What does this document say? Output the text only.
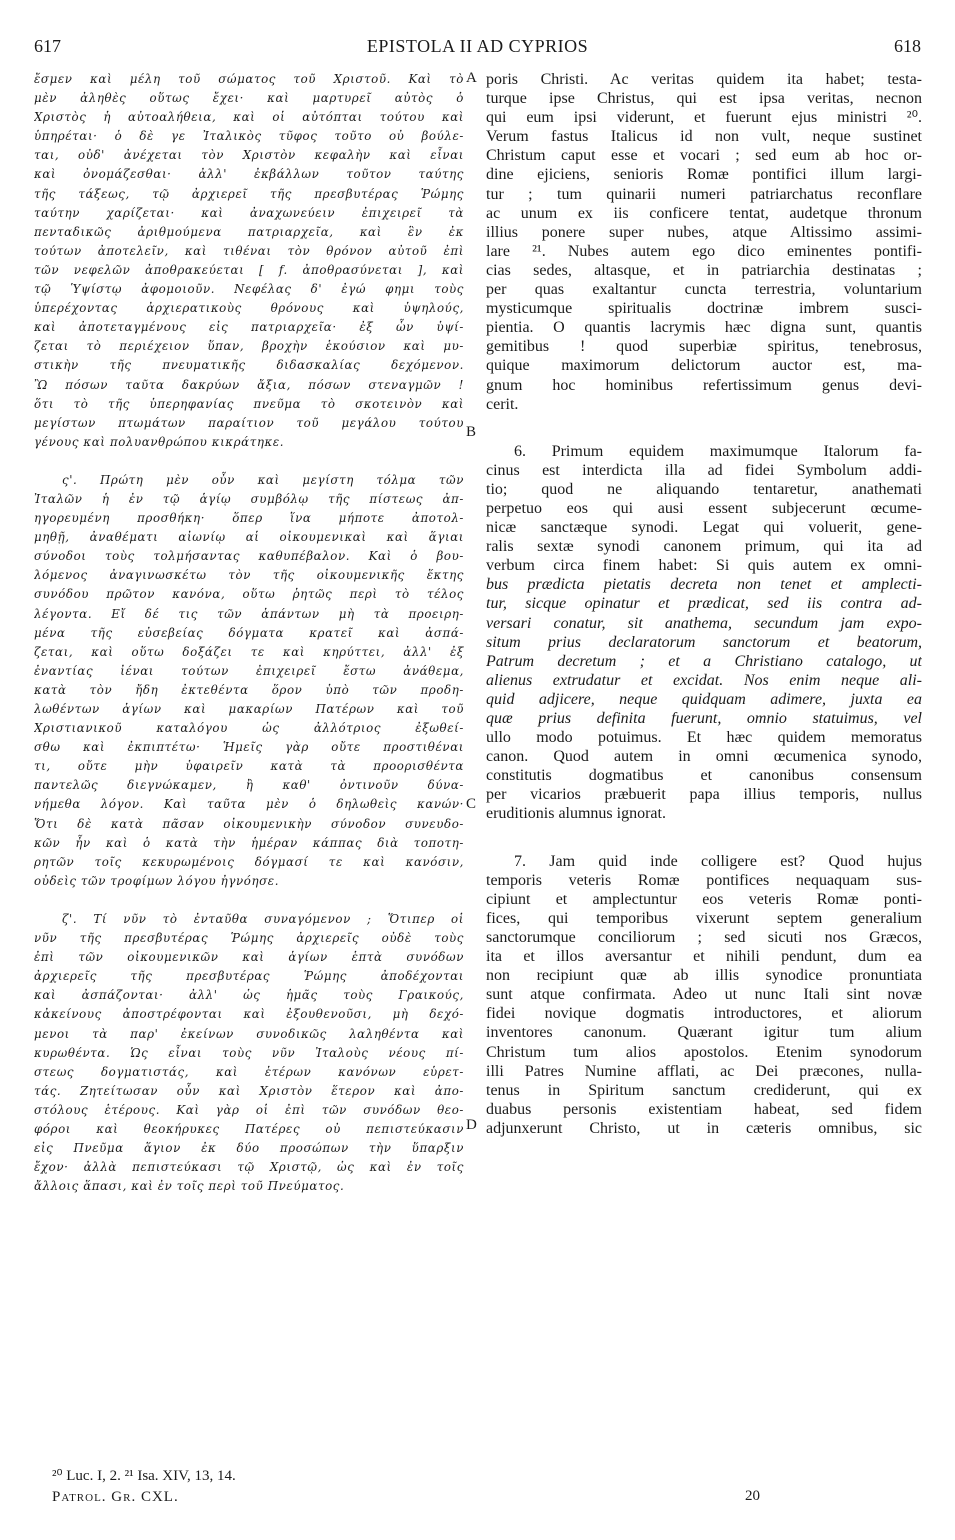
617	EPISTOLA II AD CYPRIOS	618
ἔσμεν καὶ μέλη τοῦ σώματος τοῦ Χριστοῦ. Καὶ τὸ
μὲν ἀληθὲς οὕτως ἔχει· καὶ μαρτυρεῖ αὐτὸς ὁ
Χριστὸς ἡ αὐτοαλήθεια, καὶ οἱ αὐτόπται τούτου καὶ
ὑπηρέται· ὁ δὲ γε Ἰταλικὸς τῦφος τοῦτο οὐ βούλε-
ται, οὐδ' ἀνέχεται τὸν Χριστὸν κεφαλὴν καὶ εἶναι
καὶ ὀνομάζεσθαι· ἀλλ' ἐκβάλλων τοῦτον ταύτης
τῆς τάξεως, τῷ ἀρχιερεῖ τῆς πρεσβυτέρας Ῥώμης
ταύτην χαρίζεται· καὶ ἀναχωνεύειν ἐπιχειρεῖ τὰ
πενταδικῶς ἀριθμούμενα πατριαρχεῖα, καὶ ἓν ἐκ
τούτων ἀποτελεῖν, καὶ τιθέναι τὸν θρόνον αὐτοῦ ἐπὶ
τῶν νεφελῶν ἀποθρακεύεται [ f. ἀποθρασύνεται ], καὶ
τῷ Ὑψίστῳ ἀφομοιοῦν. Νεφέλας δ' ἐγώ φημι τοὺς
ὑπερέχοντας ἀρχιερατικοὺς θρόνους καὶ ὑψηλούς,
καὶ ἀποτεταγμένους εἰς πατριαρχεῖα· ἐξ ὧν ὑψί-
ζεται τὸ περιέχειον ὕπαν, βροχὴν ἑκούσιον καὶ μυ-
στικὴν τῆς πνευματικῆς διδασκαλίας δεχόμενον.
Ὢ πόσων ταῦτα δακρύων ἄξια, πόσων στεναγμῶν !
ὅτι τὸ τῆς ὑπερηφανίας πνεῦμα τὸ σκοτεινὸν καὶ
μεγίστων πτωμάτων παραίτιον τοῦ μεγάλου τούτου
γένους καὶ πολυανθρώπου κικράτηκε.
ς'. Πρώτη μὲν οὖν καὶ μεγίστη τόλμα τῶν
Ἰταλῶν ἡ ἐν τῷ ἁγίῳ συμβόλῳ τῆς πίστεως ἀπ-
ηγορευμένη προσθήκη· ὅπερ ἵνα μήποτε ἀποτολ-
μηθῇ, ἀναθέματι αἰωνίῳ αἱ οἰκουμενικαὶ καὶ ἅγιαι
σύνοδοι τοὺς τολμήσαντας καθυπέβαλον. Καὶ ὁ βου-
λόμενος ἀναγινωσκέτω τὸν τῆς οἰκουμενικῆς ἕκτης
συνόδου πρῶτον κανόνα, οὕτω ῥητῶς περὶ τὸ τέλος
λέγοντα. Εἴ δέ τις τῶν ἁπάντων μὴ τὰ προειρη-
μένα τῆς εὐσεβείας δόγματα κρατεῖ καὶ ἀσπά-
ζεται, καὶ οὕτω δοξάζει τε καὶ κηρύττει, ἀλλ' ἐξ
ἐναντίας ἰέναι τούτων ἐπιχειρεῖ ἔστω ἀνάθεμα,
κατὰ τὸν ἤδη ἐκτεθέντα ὅρον ὑπὸ τῶν προδη-
λωθέντων ἁγίων καὶ μακαρίων Πατέρων καὶ τοῦ
Χριστιανικοῦ καταλόγου ὡς ἀλλότριος ἐξωθεί-
σθω καὶ ἐκπιπτέτω· Ἡμεῖς γὰρ οὔτε προστιθέναι
τι, οὔτε μὴν ὑφαιρεῖν κατὰ τὰ προορισθέντα
παντελῶς διεγνώκαμεν, ἢ καθ' ὀντινοῦν δύνα-
νήμεθα λόγον. Καὶ ταῦτα μὲν ὁ δηλωθεὶς κανών·
Ὅτι δὲ κατὰ πᾶσαν οἰκουμενικὴν σύνοδον συνευδο-
κῶν ἦν καὶ ὁ κατὰ τὴν ἡμέραν κάππας διὰ τοποτη-
ρητῶν τοῖς κεκυρωμένοις δόγμασί τε καὶ κανόσιν,
οὐδεὶς τῶν τροφίμων λόγου ἠγνόησε.
ζ'. Τί νῦν τὸ ἐνταῦθα συναγόμενον ; Ὅτιπερ οἱ
νῦν τῆς πρεσβυτέρας Ῥώμης ἀρχιερεῖς οὐδὲ τοὺς
ἐπὶ τῶν οἰκουμενικῶν καὶ ἁγίων ἑπτὰ συνόδων
ἀρχιερεῖς τῆς πρεσβυτέρας Ῥώμης ἀποδέχονται
καὶ ἀσπάζονται· ἀλλ' ὡς ἡμᾶς τοὺς Γραικούς,
κἀκείνους ἀποστρέφονται καὶ ἐξουθενοῦσι, μὴ δεχό-
μενοι τὰ παρ' ἐκείνων συνοδικῶς λαληθέντα καὶ
κυρωθέντα. Ὡς εἶναι τοὺς νῦν Ἰταλοὺς νέους πί-
στεως δογματιστάς, καὶ ἑτέρων κανόνων εὑρετ-
τάς. Ζητείτωσαν οὖν καὶ Χριστὸν ἕτερον καὶ ἀπο-
στόλους ἑτέρους. Καὶ γὰρ οἱ ἐπὶ τῶν συνόδων θεο-
φόροι καὶ θεοκήρυκες Πατέρες οὐ πεπιστεύκασιν
εἰς Πνεῦμα ἅγιον ἐκ δύο προσώπων τὴν ὕπαρξιν
ἔχον· ἀλλὰ πεπιστεύκασι τῷ Χριστῷ, ὡς καὶ ἐν τοῖς
ἄλλοις ἅπασι, καὶ ἐν τοῖς περὶ τοῦ Πνεύματος.
poris Christi. Ac veritas quidem ita habet; testa-
turque ipse Christus, qui est ipsa veritas, necnon
qui eum ipsi viderunt, et fuerunt ejus ministri ²⁰.
Verum fastus Italicus id non vult, neque sustinet
Christum caput esse et vocari ; sed eum ab hoc or-
dine ejiciens, senioris Romæ pontifici illum largi-
tur ; tum quinarii numeri patriarchatus reconflare
ac unum ex iis conficere tentat, audetque thronum
illius ponere super nubes, atque Altissimo assimi-
lare ²¹. Nubes autem ego dico eminentes pontifi-
cias sedes, altasque, et in patriarchia destinatas ;
per quas exaltantur cuncta terrestria, voluntarium
mysticumque spiritualis doctrinæ imbrem susci-
pientia. O quantis lacrymis hæc digna sunt, quantis
gemitibus ! quod superbiæ spiritus, tenebrosus,
quique maximorum delictorum auctor est, ma-
gnum hoc hominibus refertissimum genus devi-
cerit.
6. Primum equidem maximumque Italorum fa-
cinus est interdicta illa ad fidei Symbolum addi-
tio; quod ne aliquando tentaretur, anathemati
perpetuo eos qui ausi essent subjecerunt œcume-
nicæ sanctæque synodi. Legat qui voluerit, gene-
ralis sextæ synodi canonem primum, qui ita ad
verbum circa finem habet: Si quis autem ex omni-
bus prædicta pietatis decreta non tenet et amplecti-
tur, sicque opinatur et prædicat, sed iis contra ad-
versari conatur, sit anathema, secundum jam expo-
situm prius declaratorum sanctorum et beatorum,
Patrum decretum ; et a Christiano catalogo, ut
alienus extrudatur et excidat. Nos enim neque ali-
quid adjicere, neque quidquam adimere, juxta ea
quæ prius definita fuerunt, omnio statuimus, vel
ullo modo potuimus. Et hæc quidem memoratus
canon. Quod autem in omni œcumenica synodo,
constitutis dogmatibus et canonibus consensum
per vicarios præbuerit papa illius temporis, nullus
eruditionis alumnus ignorat.
7. Jam quid inde colligere est? Quod hujus
temporis veteris Romæ pontifices nequaquam sus-
cipiunt et amplectuntur eos veteris Romæ ponti-
fices, qui temporibus vixerunt septem generalium
sanctorumque conciliorum ; sed sicuti nos Græcos,
ita et illos aversantur et nihili pendunt, dum ea
non recipiunt quæ ab illis synodice pronuntiata
sunt atque confirmata. Adeo ut nunc Itali sint novæ
fidei novique dogmatis introductores, et aliorum
inventores canonum. Quærant igitur tum alium
Christum tum alios apostolos. Etenim synodorum
illi Patres Numine afflati, ac Dei præcones, nulla-
tenus in Spiritum sanctum crediderunt, qui ex
duabus personis existentiam habeat, sed fidem
adjunxerunt Christo, ut in cæteris omnibus, sic
A
B
C
D
²⁰ Luc. I, 2. ²¹ Isa. XIV, 13, 14.
Patrol. Gr. CXL.	20
